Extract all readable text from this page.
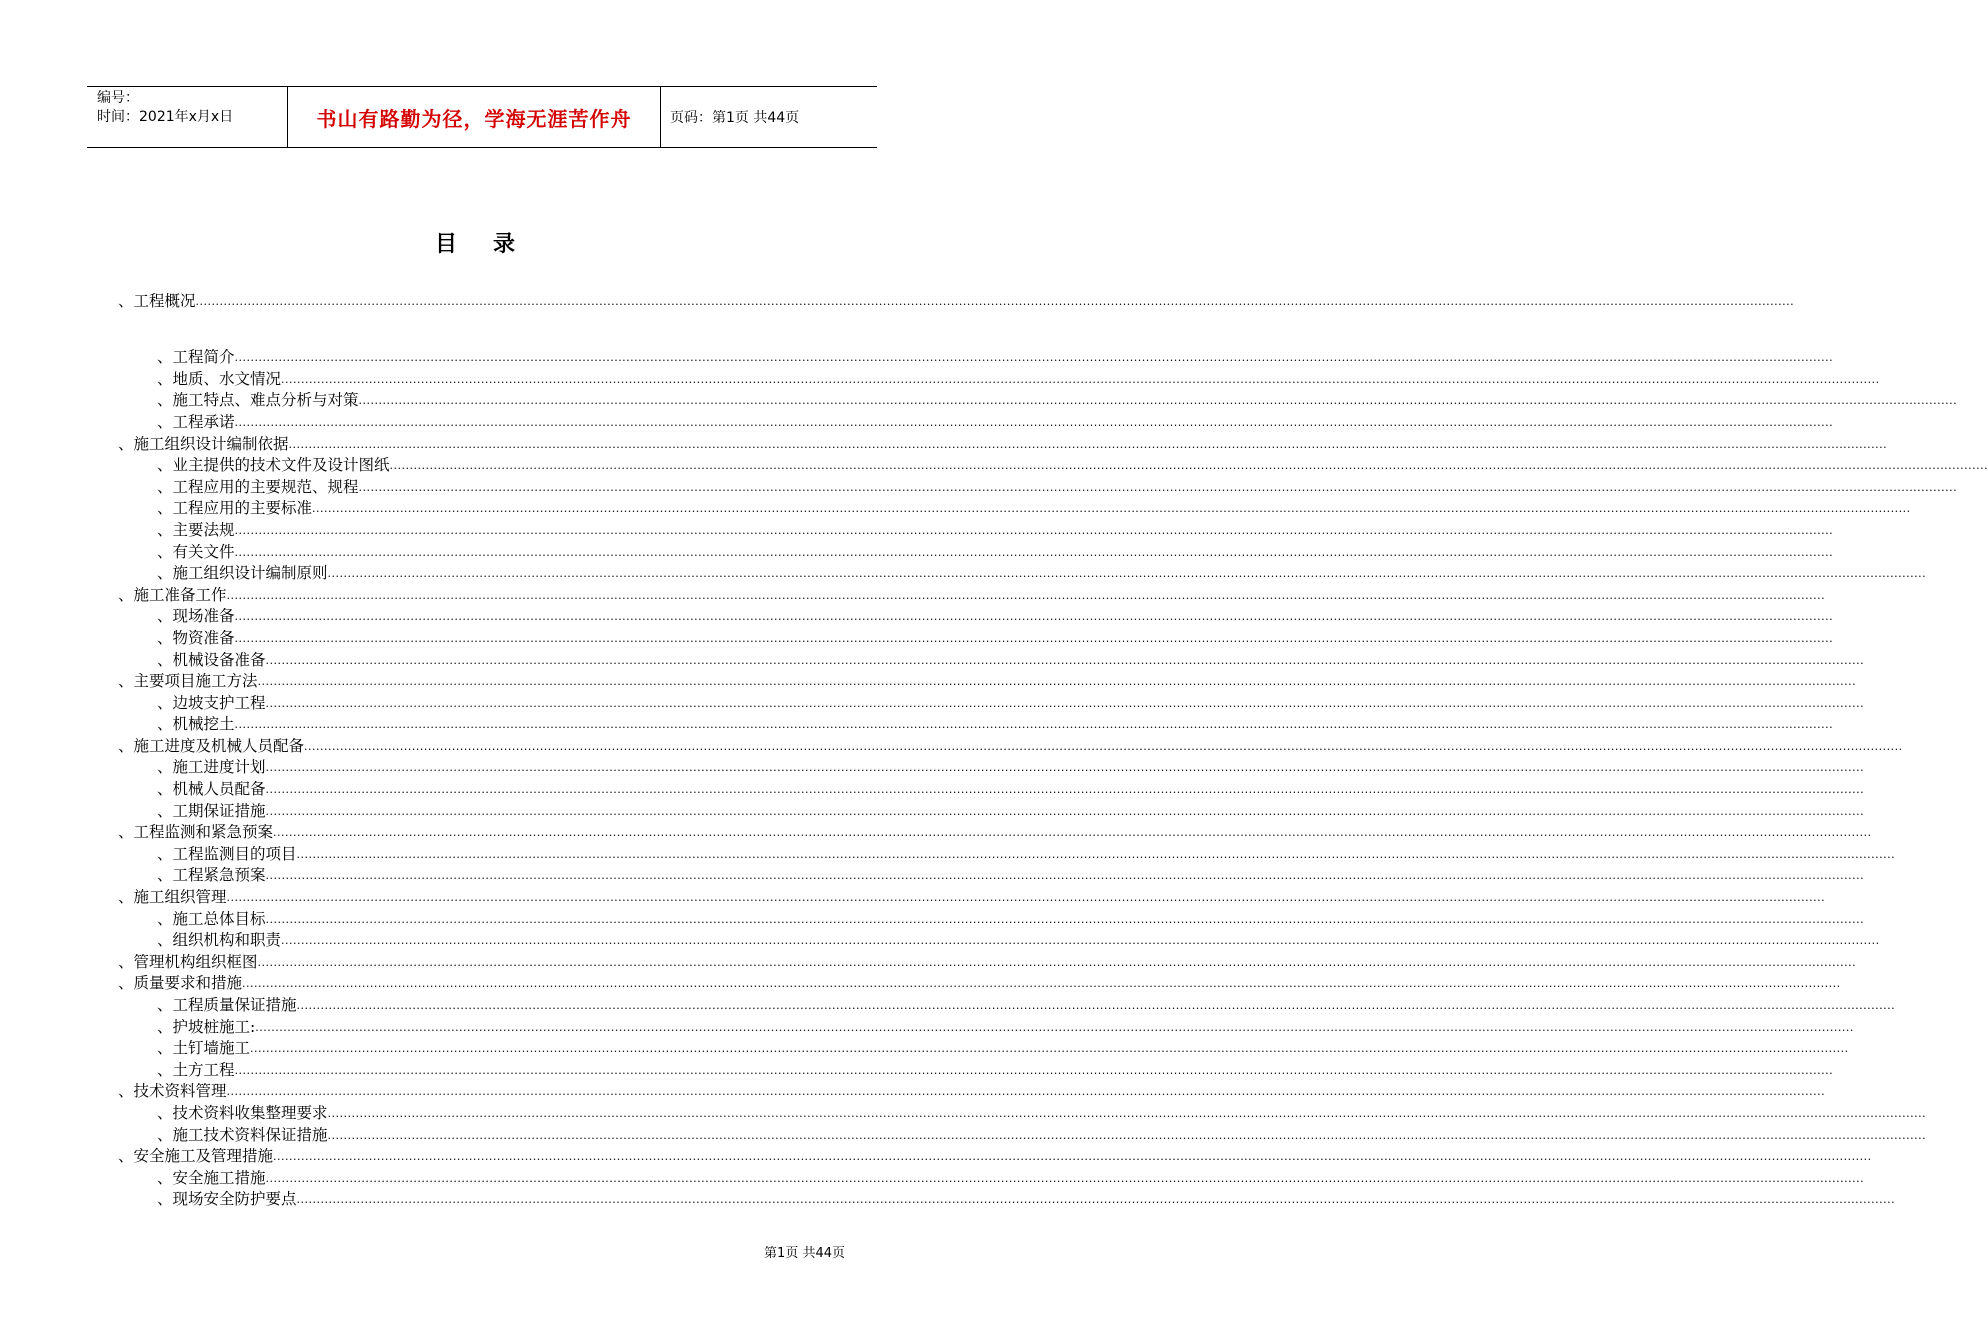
编号：
时间：2021年x月x日	书山有路勤为径，学海无涯苦作舟	页码：第1页 共44页
目录
、工程概况 ................................................................................................................................................................................................................................................................................................................................................................................................................
、工程简介 ................................................................................................................................................................................................................................................................................................................................................................................................................
、地质、水文情况 ................................................................................................................................................................................................................................................................................................................................................................................................................
、施工特点、难点分析与对策 ................................................................................................................................................................................................................................................................................................................................................................................................................
、工程承诺 ................................................................................................................................................................................................................................................................................................................................................................................................................
、施工组织设计编制依据 ................................................................................................................................................................................................................................................................................................................................................................................................................
、业主提供的技术文件及设计图纸 ................................................................................................................................................................................................................................................................................................................................................................................................................
、工程应用的主要规范、规程 ................................................................................................................................................................................................................................................................................................................................................................................................................
、工程应用的主要标准 ................................................................................................................................................................................................................................................................................................................................................................................................................
、主要法规 ................................................................................................................................................................................................................................................................................................................................................................................................................
、有关文件 ................................................................................................................................................................................................................................................................................................................................................................................................................
、施工组织设计编制原则 ................................................................................................................................................................................................................................................................................................................................................................................................................
、施工准备工作 ................................................................................................................................................................................................................................................................................................................................................................................................................
、现场准备 ................................................................................................................................................................................................................................................................................................................................................................................................................
、物资准备 ................................................................................................................................................................................................................................................................................................................................................................................................................
、机械设备准备 ................................................................................................................................................................................................................................................................................................................................................................................................................
、主要项目施工方法 ................................................................................................................................................................................................................................................................................................................................................................................................................
、边坡支护工程 ................................................................................................................................................................................................................................................................................................................................................................................................................
、机械挖土 ................................................................................................................................................................................................................................................................................................................................................................................................................
、施工进度及机械人员配备 ................................................................................................................................................................................................................................................................................................................................................................................................................
、施工进度计划 ................................................................................................................................................................................................................................................................................................................................................................................................................
、机械人员配备 ................................................................................................................................................................................................................................................................................................................................................................................................................
、工期保证措施 ................................................................................................................................................................................................................................................................................................................................................................................................................
、工程监测和紧急预案 ................................................................................................................................................................................................................................................................................................................................................................................................................
、工程监测目的项目 ................................................................................................................................................................................................................................................................................................................................................................................................................
、工程紧急预案 ................................................................................................................................................................................................................................................................................................................................................................................................................
、施工组织管理 ................................................................................................................................................................................................................................................................................................................................................................................................................
、施工总体目标 ................................................................................................................................................................................................................................................................................................................................................................................................................
、组织机构和职责 ................................................................................................................................................................................................................................................................................................................................................................................................................
、管理机构组织框图 ................................................................................................................................................................................................................................................................................................................................................................................................................
、质量要求和措施 ................................................................................................................................................................................................................................................................................................................................................................................................................
、工程质量保证措施 ................................................................................................................................................................................................................................................................................................................................................................................................................
、护坡桩施工: ................................................................................................................................................................................................................................................................................................................................................................................................................
、土钉墙施工 ................................................................................................................................................................................................................................................................................................................................................................................................................
、土方工程 ................................................................................................................................................................................................................................................................................................................................................................................................................
、技术资料管理 ................................................................................................................................................................................................................................................................................................................................................................................................................
、技术资料收集整理要求 ................................................................................................................................................................................................................................................................................................................................................................................................................
、施工技术资料保证措施 ................................................................................................................................................................................................................................................................................................................................................................................................................
、安全施工及管理措施 ................................................................................................................................................................................................................................................................................................................................................................................................................
、安全施工措施 ................................................................................................................................................................................................................................................................................................................................................................................................................
、现场安全防护要点 ................................................................................................................................................................................................................................................................................................................................................................................................................
第1页 共44页
